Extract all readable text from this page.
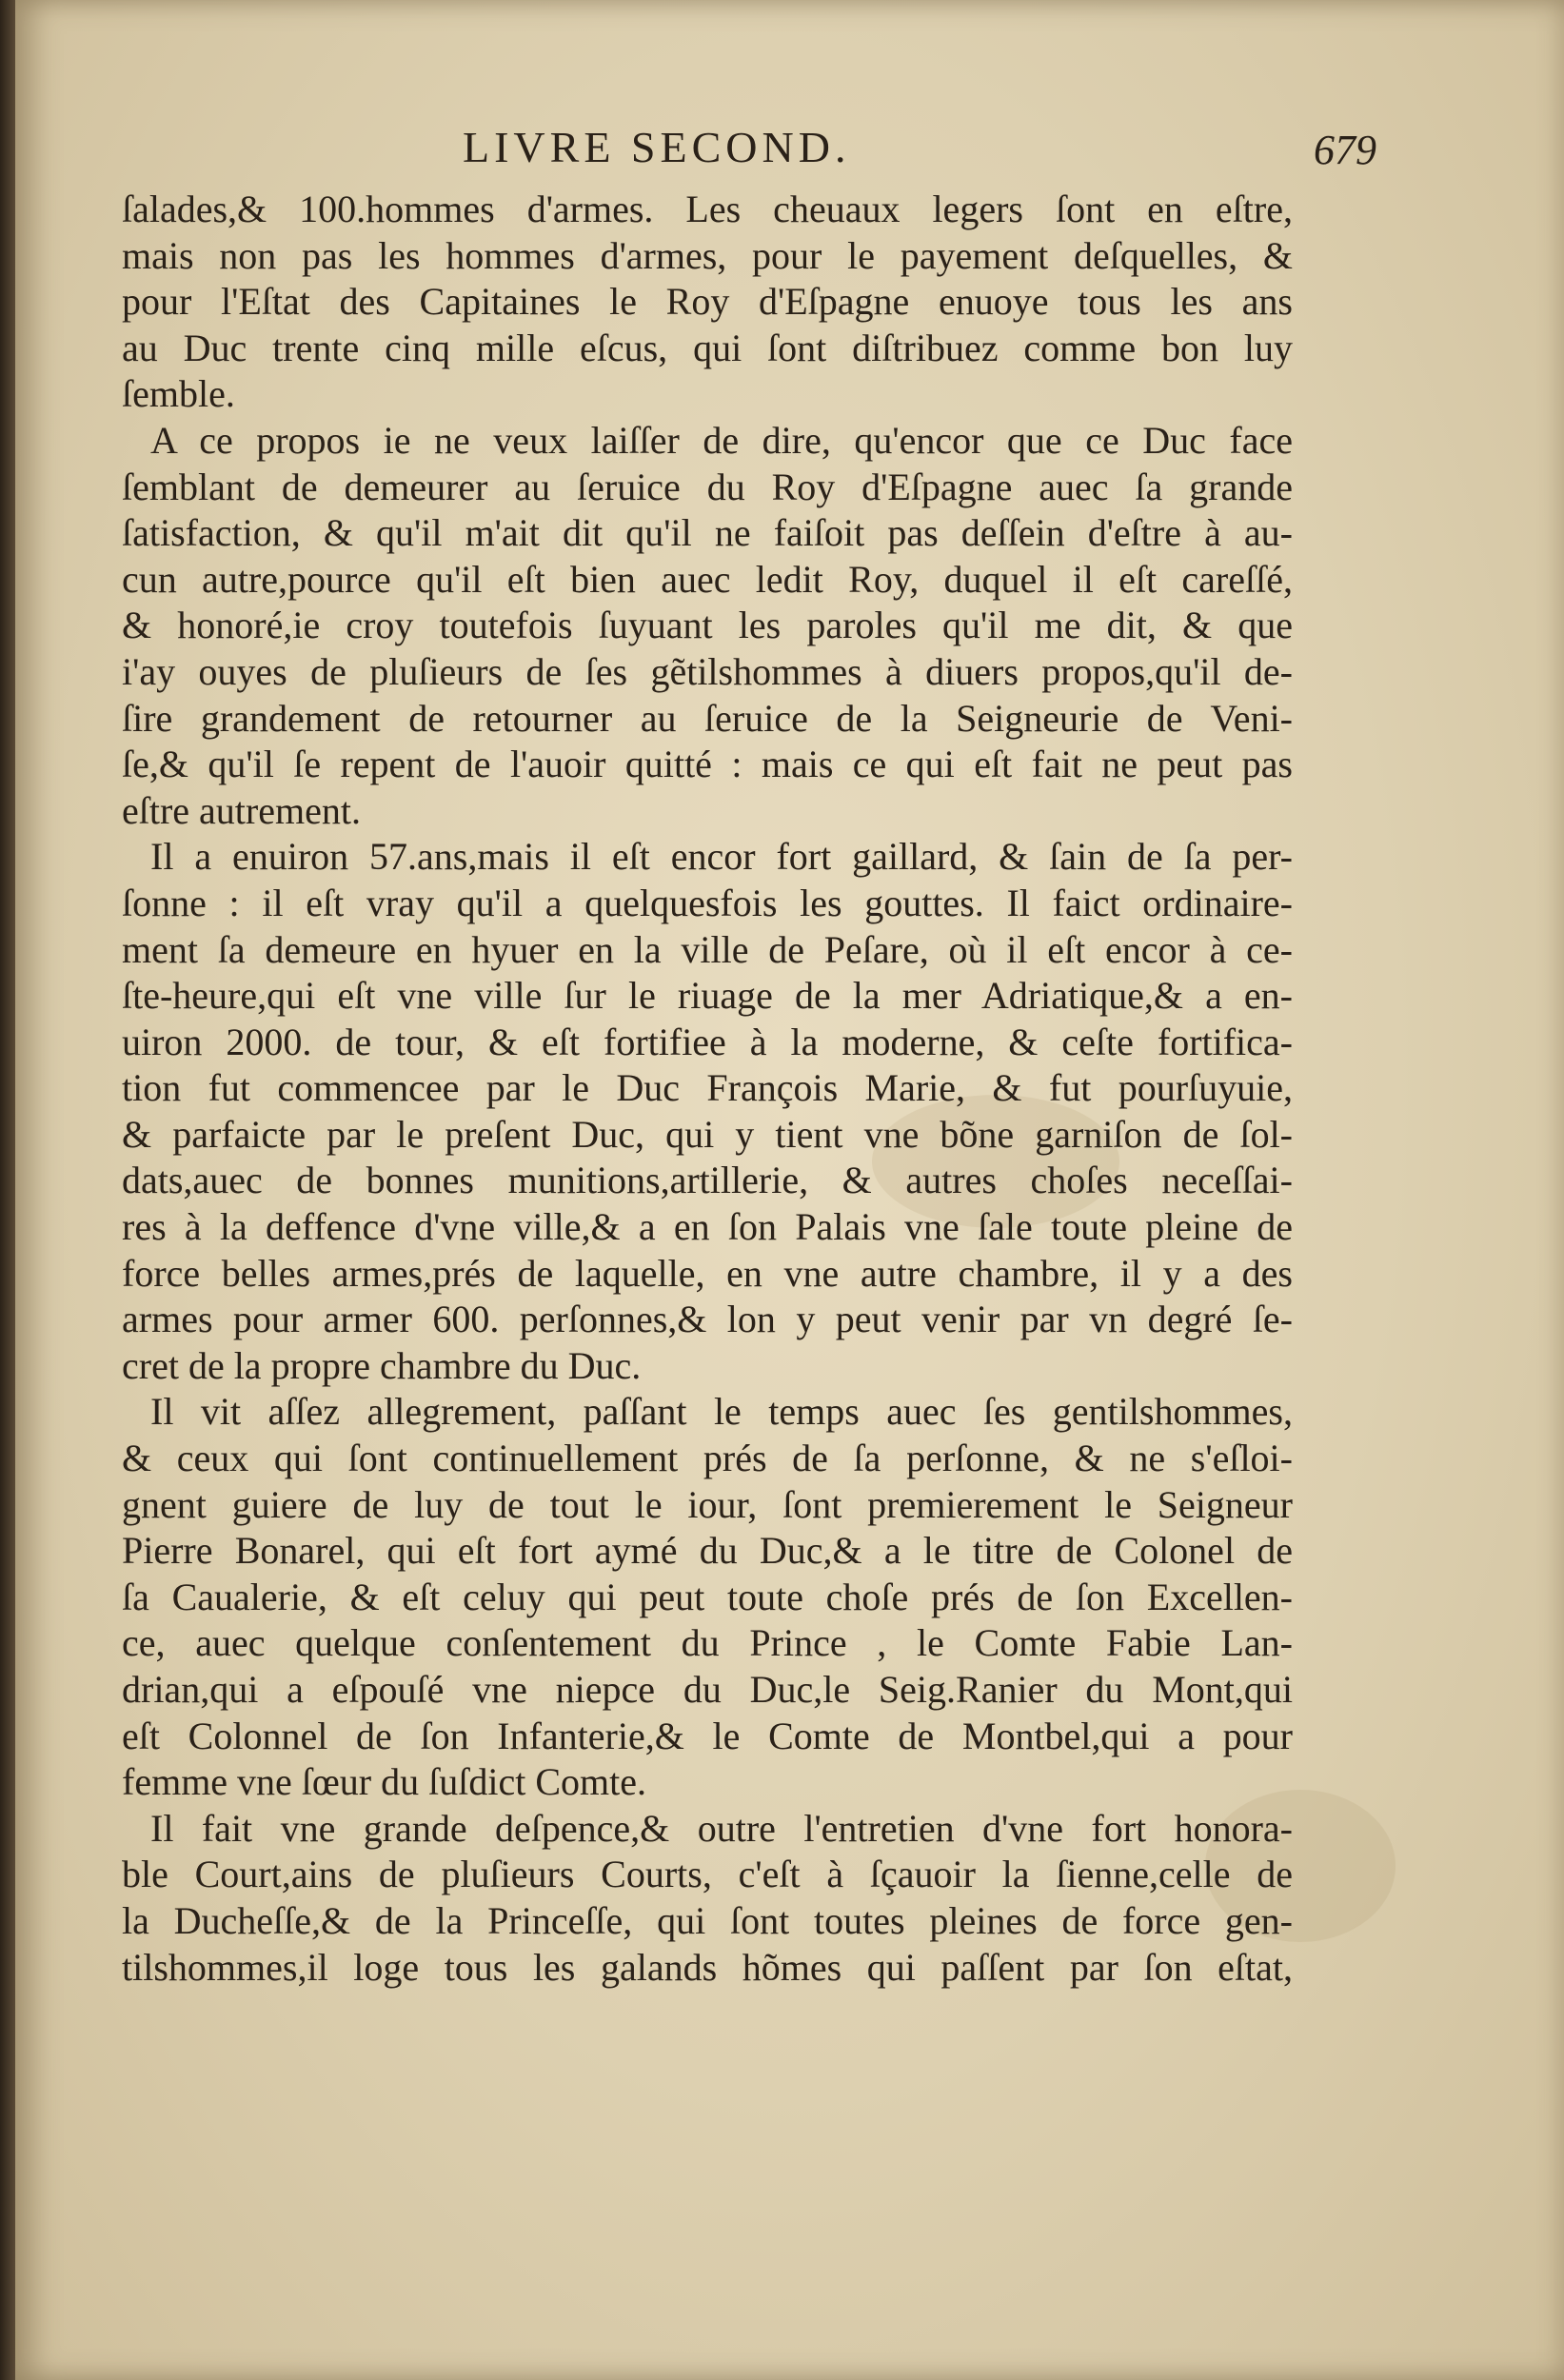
LIVRE SECOND.	679

ſalades,& 100.hommes d'armes. Les cheuaux legers ſont en eſtre,
mais non pas les hommes d'armes, pour le payement deſquelles, &
pour l'Eſtat des Capitaines le Roy d'Eſpagne enuoye tous les ans
au Duc trente cinq mille eſcus, qui ſont diſtribuez comme bon luy
ſemble.

A ce propos ie ne veux laiſſer de dire, qu'encor que ce Duc face
ſemblant de demeurer au ſeruice du Roy d'Eſpagne auec ſa grande
ſatisfaction, & qu'il m'ait dit qu'il ne faiſoit pas deſſein d'eſtre à au-
cun autre,pource qu'il eſt bien auec ledit Roy, duquel il eſt careſſé,
& honoré,ie croy toutefois ſuyuant les paroles qu'il me dit, & que
i'ay ouyes de pluſieurs de ſes gẽtilshommes à diuers propos,qu'il de-
ſire grandement de retourner au ſeruice de la Seigneurie de Veni-
ſe,& qu'il ſe repent de l'auoir quitté : mais ce qui eſt fait ne peut pas
eſtre autrement.

Il a enuiron 57.ans,mais il eſt encor fort gaillard, & ſain de ſa per-
ſonne : il eſt vray qu'il a quelquesfois les gouttes. Il faict ordinaire-
ment ſa demeure en hyuer en la ville de Peſare, où il eſt encor à ce-
ſte-heure,qui eſt vne ville ſur le riuage de la mer Adriatique,& a en-
uiron 2000. de tour, & eſt fortifiee à la moderne, & ceſte fortifica-
tion fut commencee par le Duc François Marie, & fut pourſuyuie,
& parfaicte par le preſent Duc, qui y tient vne bõne garniſon de ſol-
dats,auec de bonnes munitions,artillerie, & autres choſes neceſſai-
res à la deffence d'vne ville,& a en ſon Palais vne ſale toute pleine de
force belles armes,prés de laquelle, en vne autre chambre, il y a des
armes pour armer 600. perſonnes,& lon y peut venir par vn degré ſe-
cret de la propre chambre du Duc.

Il vit aſſez allegrement, paſſant le temps auec ſes gentilshommes,
& ceux qui ſont continuellement prés de ſa perſonne, & ne s'eſloi-
gnent guiere de luy de tout le iour, ſont premierement le Seigneur
Pierre Bonarel, qui eſt fort aymé du Duc,& a le titre de Colonel de
ſa Caualerie, & eſt celuy qui peut toute choſe prés de ſon Excellen-
ce, auec quelque conſentement du Prince , le Comte Fabie Lan-
drian,qui a eſpouſé vne niepce du Duc,le Seig.Ranier du Mont,qui
eſt Colonnel de ſon Infanterie,& le Comte de Montbel,qui a pour
femme vne ſœur du ſuſdict Comte.

Il fait vne grande deſpence,& outre l'entretien d'vne fort honora-
ble Court,ains de pluſieurs Courts, c'eſt à ſçauoir la ſienne,celle de
la Ducheſſe,& de la Princeſſe, qui ſont toutes pleines de force gen-
tilshommes,il loge tous les galands hõmes qui paſſent par ſon eſtat,
